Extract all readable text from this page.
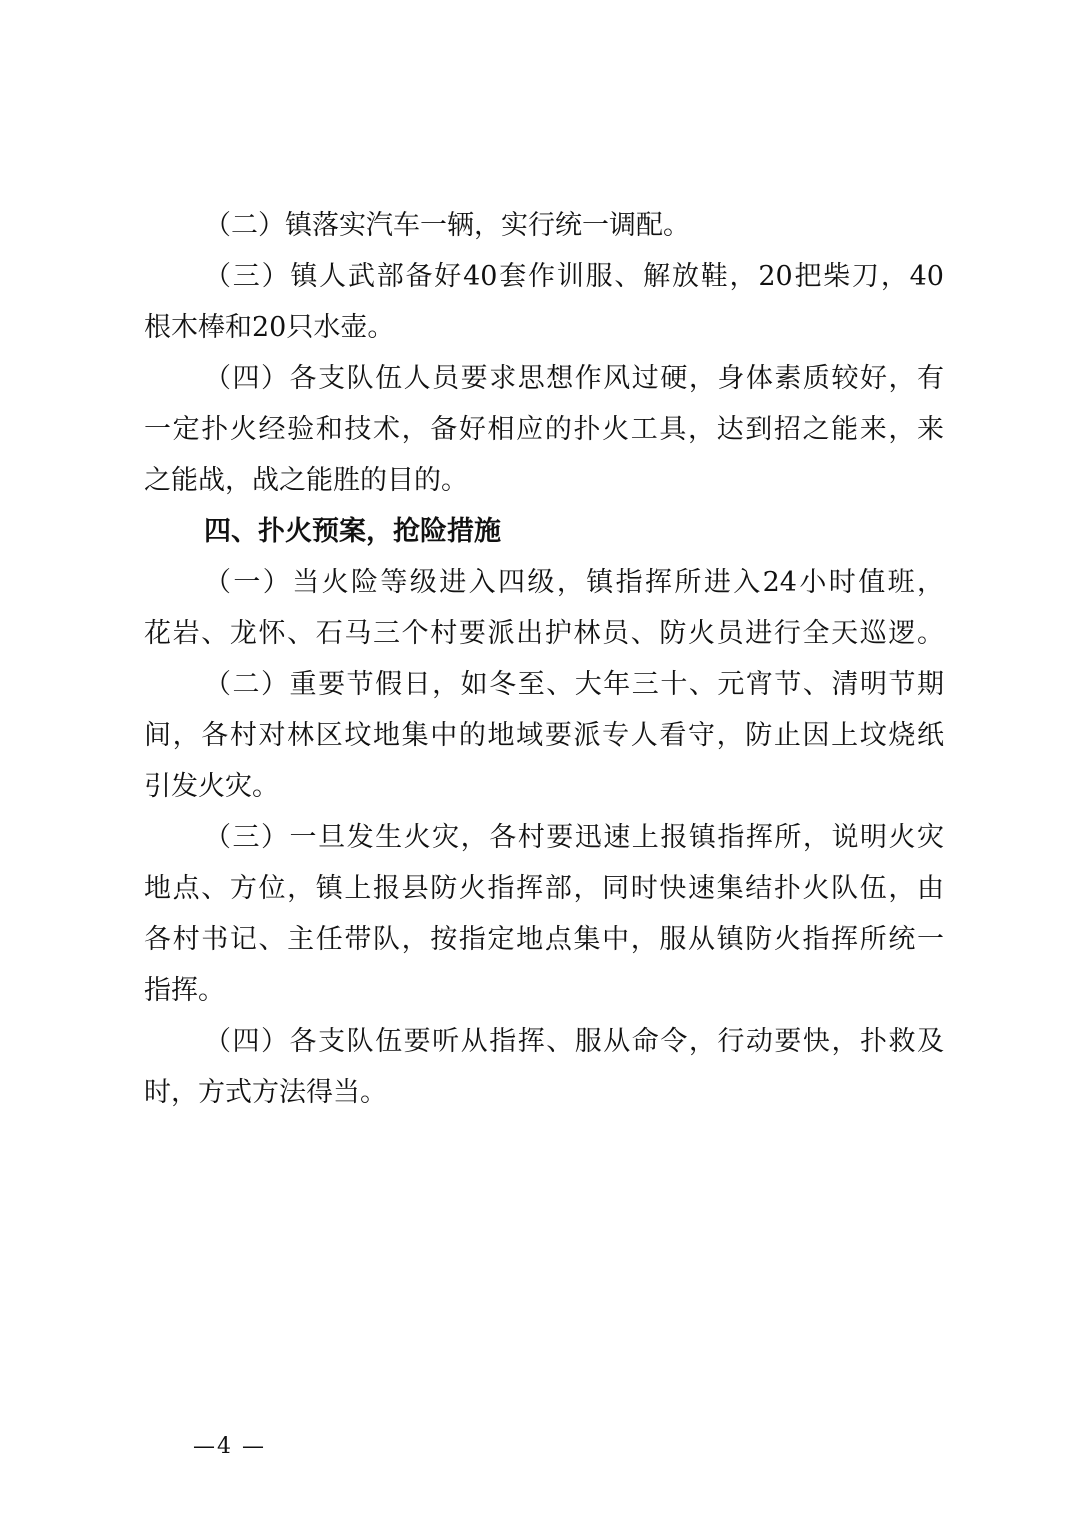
（二）镇落实汽车一辆，实行统一调配。
（三）镇人武部备好40套作训服、解放鞋，20把柴刀，40
根木棒和20只水壶。
（四）各支队伍人员要求思想作风过硬，身体素质较好，有
一定扑火经验和技术，备好相应的扑火工具，达到招之能来，来
之能战，战之能胜的目的。
四、扑火预案，抢险措施
（一）当火险等级进入四级，镇指挥所进入24小时值班，
花岩、龙怀、石马三个村要派出护林员、防火员进行全天巡逻。
（二）重要节假日，如冬至、大年三十、元宵节、清明节期
间，各村对林区坟地集中的地域要派专人看守，防止因上坟烧纸
引发火灾。
（三）一旦发生火灾，各村要迅速上报镇指挥所，说明火灾
地点、方位，镇上报县防火指挥部，同时快速集结扑火队伍，由
各村书记、主任带队，按指定地点集中，服从镇防火指挥所统一
指挥。
（四）各支队伍要听从指挥、服从命令，行动要快，扑救及
时，方式方法得当。
—4 —
